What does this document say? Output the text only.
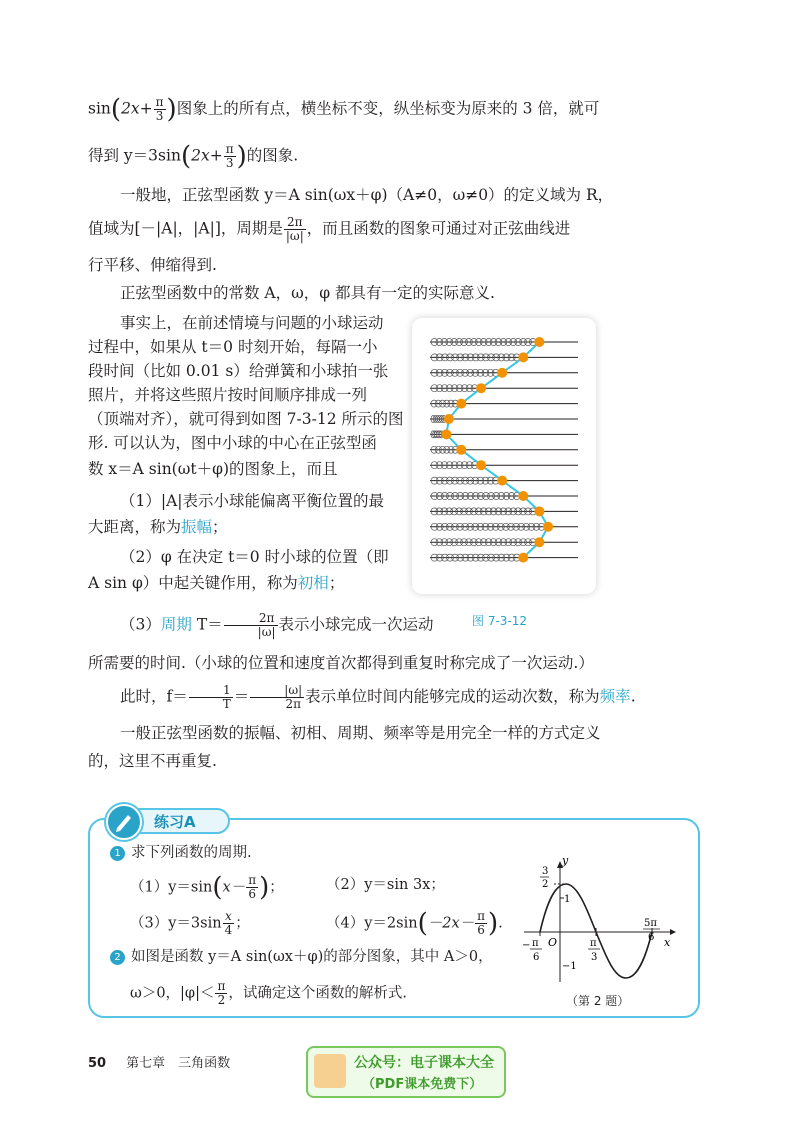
$\sin(2x+ \frac{\pi}{3}$ )图象上的所有点，横坐标不变，纵坐标变为原来的 3 倍，就可
得到 $y=3\sin(2x+ \frac{\pi}{3}$ )的图象.
一般地，正弦型函数 y＝A sin(ωx＋φ)（A≠0，ω≠0）的定义域为 R，
值域为[－|A|，|A|]，周期是 $\frac{2\pi}{|\omega|}$ ，而且函数的图象可通过对正弦曲线进
行平移、伸缩得到.
正弦型函数中的常数 A，ω，φ 都具有一定的实际意义.
事实上，在前述情境与问题的小球运动
过程中，如果从 t＝0 时刻开始，每隔一小
段时间（比如 0.01 s）给弹簧和小球拍一张
照片，并将这些照片按时间顺序排成一列
（顶端对齐），就可得到如图 7-3-12 所示的图
形. 可以认为，图中小球的中心在正弦型函
数 x＝A sin(ωt＋φ)的图象上，而且
（1）|A|表示小球能偏离平衡位置的最
大距离，称为振幅；
（2）φ 在决定 t＝0 时小球的位置（即
A sin φ）中起关键作用，称为初相；
（3）周期 $T= \frac{2\pi}{|\omega|}$ 表示小球完成一次运动
所需要的时间.（小球的位置和速度首次都得到重复时称完成了一次运动.）
此时，$f= \frac{1}{T} = \frac{|\omega|}{2\pi}$ 表示单位时间内能够完成的运动次数，称为频率.
一般正弦型函数的振幅、初相、周期、频率等是用完全一样的方式定义
的，这里不再重复.
图 7-3-12
练习A
1 求下列函数的周期.
$(1)y=\sin(x- \frac{\pi}{6}$ )；	（2）y＝sin 3x；
$(3)y=3\sin \frac{x}{4}$ ；	$(4)y=2\sin(-2x- \frac{\pi}{6}$ ).
2 如图是函数 y＝A sin(ωx＋φ)的部分图象，其中 A＞0，
ω＞0，$|\varphi|< \frac{\pi}{2}$ ，试确定这个函数的解析式.
y
x
O
3
2
1
−1
− π
6
π
3
5π
6
（第 2 题）
50 第七章　三角函数	公众号：电子课本大全
（PDF课本免费下）
